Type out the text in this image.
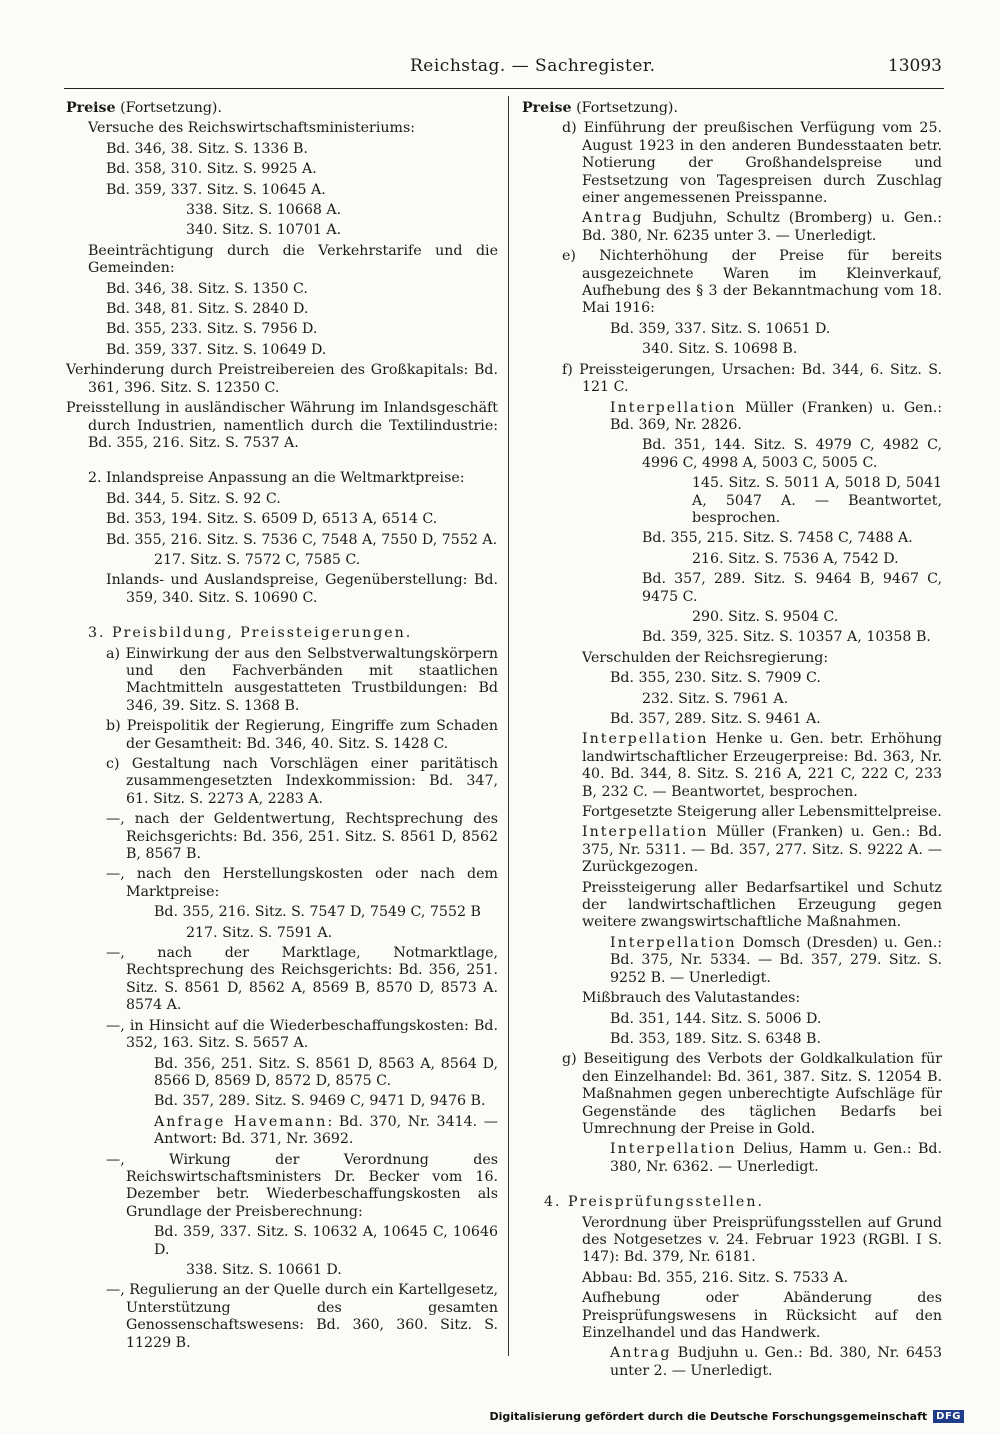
Reichstag. — Sachregister.	13093

Preise (Fortsetzung).

Versuche des Reichswirtschaftsministeriums:

Bd. 346, 38. Sitz. S. 1336 B.

Bd. 358, 310. Sitz. S. 9925 A.

Bd. 359, 337. Sitz. S. 10645 A.

338. Sitz. S. 10668 A.

340. Sitz. S. 10701 A.

Beeinträchtigung durch die Verkehrstarife und die Gemeinden:

Bd. 346, 38. Sitz. S. 1350 C.

Bd. 348, 81. Sitz. S. 2840 D.

Bd. 355, 233. Sitz. S. 7956 D.

Bd. 359, 337. Sitz. S. 10649 D.

Verhinderung durch Preistreibereien des Großkapitals: Bd. 361, 396. Sitz. S. 12350 C.

Preisstellung in ausländischer Währung im Inlandsgeschäft durch Industrien, namentlich durch die Textilindustrie: Bd. 355, 216. Sitz. S. 7537 A.

2. Inlandspreise Anpassung an die Weltmarktpreise:

Bd. 344, 5. Sitz. S. 92 C.

Bd. 353, 194. Sitz. S. 6509 D, 6513 A, 6514 C.

Bd. 355, 216. Sitz. S. 7536 C, 7548 A, 7550 D, 7552 A.

217. Sitz. S. 7572 C, 7585 C.

Inlands- und Auslandspreise, Gegenüberstellung: Bd. 359, 340. Sitz. S. 10690 C.

3. Preisbildung, Preissteigerungen.

a) Einwirkung der aus den Selbstverwaltungskörpern und den Fachverbänden mit staatlichen Machtmitteln ausgestatteten Trustbildungen: Bd 346, 39. Sitz. S. 1368 B.

b) Preispolitik der Regierung, Eingriffe zum Schaden der Gesamtheit: Bd. 346, 40. Sitz. S. 1428 C.

c) Gestaltung nach Vorschlägen einer paritätisch zusammengesetzten Indexkommission: Bd. 347, 61. Sitz. S. 2273 A, 2283 A.

—, nach der Geldentwertung, Rechtsprechung des Reichsgerichts: Bd. 356, 251. Sitz. S. 8561 D, 8562 B, 8567 B.

—, nach den Herstellungskosten oder nach dem Marktpreise:

Bd. 355, 216. Sitz. S. 7547 D, 7549 C, 7552 B

217. Sitz. S. 7591 A.

—, nach der Marktlage, Notmarktlage, Rechtsprechung des Reichsgerichts: Bd. 356, 251. Sitz. S. 8561 D, 8562 A, 8569 B, 8570 D, 8573 A. 8574 A.

—, in Hinsicht auf die Wiederbeschaffungskosten: Bd. 352, 163. Sitz. S. 5657 A.

Bd. 356, 251. Sitz. S. 8561 D, 8563 A, 8564 D, 8566 D, 8569 D, 8572 D, 8575 C.

Bd. 357, 289. Sitz. S. 9469 C, 9471 D, 9476 B.

Anfrage Havemann: Bd. 370, Nr. 3414. — Antwort: Bd. 371, Nr. 3692.

—, Wirkung der Verordnung des Reichswirtschaftsministers Dr. Becker vom 16. Dezember betr. Wiederbeschaffungskosten als Grundlage der Preisberechnung:

Bd. 359, 337. Sitz. S. 10632 A, 10645 C, 10646 D.

338. Sitz. S. 10661 D.

—, Regulierung an der Quelle durch ein Kartellgesetz, Unterstützung des gesamten Genossenschaftswesens: Bd. 360, 360. Sitz. S. 11229 B.

Preise (Fortsetzung).

d) Einführung der preußischen Verfügung vom 25. August 1923 in den anderen Bundesstaaten betr. Notierung der Großhandelspreise und Festsetzung von Tagespreisen durch Zuschlag einer angemessenen Preisspanne.

Antrag Budjuhn, Schultz (Bromberg) u. Gen.: Bd. 380, Nr. 6235 unter 3. — Unerledigt.

e) Nichterhöhung der Preise für bereits ausgezeichnete Waren im Kleinverkauf, Aufhebung des § 3 der Bekanntmachung vom 18. Mai 1916:

Bd. 359, 337. Sitz. S. 10651 D.

340. Sitz. S. 10698 B.

f) Preissteigerungen, Ursachen: Bd. 344, 6. Sitz. S. 121 C.

Interpellation Müller (Franken) u. Gen.: Bd. 369, Nr. 2826.

Bd. 351, 144. Sitz. S. 4979 C, 4982 C, 4996 C, 4998 A, 5003 C, 5005 C.

145. Sitz. S. 5011 A, 5018 D, 5041 A, 5047 A. — Beantwortet, besprochen.

Bd. 355, 215. Sitz. S. 7458 C, 7488 A.

216. Sitz. S. 7536 A, 7542 D.

Bd. 357, 289. Sitz. S. 9464 B, 9467 C, 9475 C.

290. Sitz. S. 9504 C.

Bd. 359, 325. Sitz. S. 10357 A, 10358 B.

Verschulden der Reichsregierung:

Bd. 355, 230. Sitz. S. 7909 C.

232. Sitz. S. 7961 A.

Bd. 357, 289. Sitz. S. 9461 A.

Interpellation Henke u. Gen. betr. Erhöhung landwirtschaftlicher Erzeugerpreise: Bd. 363, Nr. 40. Bd. 344, 8. Sitz. S. 216 A, 221 C, 222 C, 233 B, 232 C. — Beantwortet, besprochen.

Fortgesetzte Steigerung aller Lebensmittelpreise.

Interpellation Müller (Franken) u. Gen.: Bd. 375, Nr. 5311. — Bd. 357, 277. Sitz. S. 9222 A. — Zurückgezogen.

Preissteigerung aller Bedarfsartikel und Schutz der landwirtschaftlichen Erzeugung gegen weitere zwangswirtschaftliche Maßnahmen.

Interpellation Domsch (Dresden) u. Gen.: Bd. 375, Nr. 5334. — Bd. 357, 279. Sitz. S. 9252 B. — Unerledigt.

Mißbrauch des Valutastandes:

Bd. 351, 144. Sitz. S. 5006 D.

Bd. 353, 189. Sitz. S. 6348 B.

g) Beseitigung des Verbots der Goldkalkulation für den Einzelhandel: Bd. 361, 387. Sitz. S. 12054 B. Maßnahmen gegen unberechtigte Aufschläge für Gegenstände des täglichen Bedarfs bei Umrechnung der Preise in Gold.

Interpellation Delius, Hamm u. Gen.: Bd. 380, Nr. 6362. — Unerledigt.

4. Preisprüfungsstellen.

Verordnung über Preisprüfungsstellen auf Grund des Notgesetzes v. 24. Februar 1923 (RGBl. I S. 147): Bd. 379, Nr. 6181.

Abbau: Bd. 355, 216. Sitz. S. 7533 A.

Aufhebung oder Abänderung des Preisprüfungswesens in Rücksicht auf den Einzelhandel und das Handwerk.

Antrag Budjuhn u. Gen.: Bd. 380, Nr. 6453 unter 2. — Unerledigt.

Digitalisierung gefördert durch die Deutsche Forschungsgemeinschaft DFG
